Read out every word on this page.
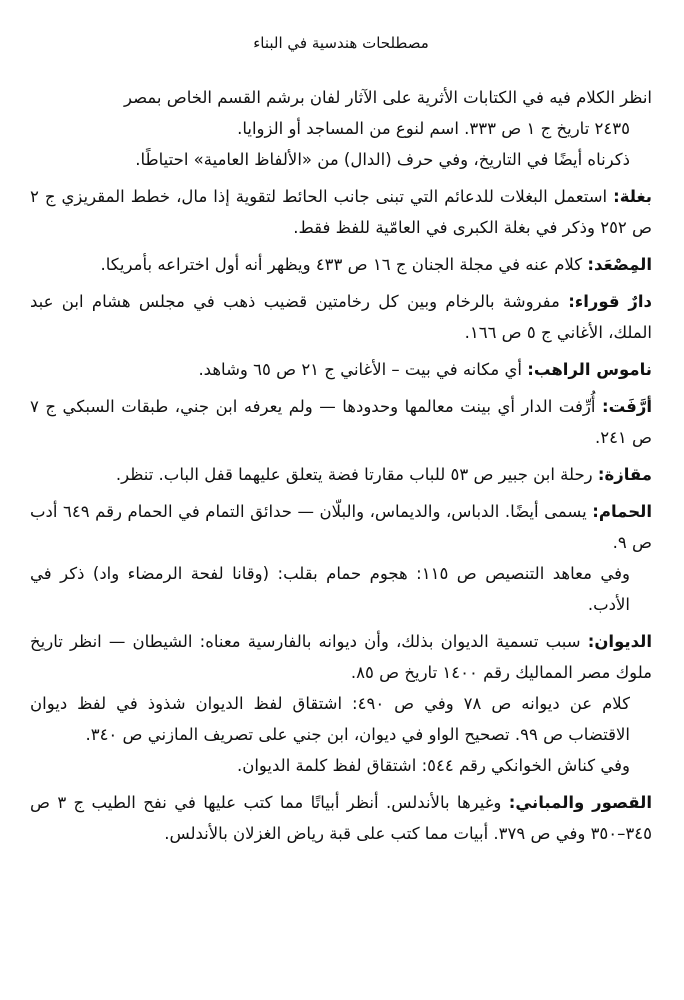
مصطلحات هندسية في البناء

انظر الكلام فيه في الكتابات الأثرية على الآثار لفان برشم القسم الخاص بمصر
٢٤٣٥ تاريخ ج ١ ص ٣٣٣. اسم لنوع من المساجد أو الزوايا.

ذكرناه أيضًا في التاريخ، وفي حرف (الدال) من «الألفاظ العامية» احتياطًا.

بغلة: استعمل البغلات للدعائم التي تبنى جانب الحائط لتقوية إذا مال، خطط المقريزي ج ٢ ص ٢٥٢ وذكر في بغلة الكبرى في العامّية للفظ فقط.

المِصْعَد: كلام عنه في مجلة الجنان ج ١٦ ص ٤٣٣ ويظهر أنه أول اختراعه بأمريكا.

دارٌ قوراء: مفروشة بالرخام وبين كل رخامتين قضيب ذهب في مجلس هشام ابن عبد الملك، الأغاني ج ٥ ص ١٦٦.

ناموس الراهب: أي مكانه في بيت – الأغاني ج ٢١ ص ٦٥ وشاهد.

أرَّفَت: أُرِّفت الدار أي بينت معالمها وحدودها — ولم يعرفه ابن جني، طبقات السبكي ج ٧ ص ٢٤١.

مقازة: رحلة ابن جبير ص ٥٣ للباب مقارتا فضة يتعلق عليهما قفل الباب. تنظر.

الحمام: يسمى أيضًا. الدباس، والديماس، والبلّان — حدائق التمام في الحمام رقم ٦٤٩ أدب ص ٩.

وفي معاهد التنصيص ص ١١٥: هجوم حمام بقلب: (وقانا لفحة الرمضاء واد) ذكر في الأدب.

الديوان: سبب تسمية الديوان بذلك، وأن ديوانه بالفارسية معناه: الشيطان — انظر تاريخ ملوك مصر المماليك رقم ١٤٠٠ تاريخ ص ٨٥.

كلام عن ديوانه ص ٧٨ وفي ص ٤٩٠: اشتقاق لفظ الديوان شذوذ في لفظ ديوان الاقتضاب ص ٩٩. تصحيح الواو في ديوان، ابن جني على تصريف المازني ص ٣٤٠.

وفي كناش الخوانكي رقم ٥٤٤: اشتقاق لفظ كلمة الديوان.

القصور والمباني: وغيرها بالأندلس. أنظر أبياتًا مما كتب عليها في نفح الطيب ج ٣ ص ٣٤٥–٣٥٠ وفي ص ٣٧٩. أبيات مما كتب على قبة رياض الغزلان بالأندلس.
